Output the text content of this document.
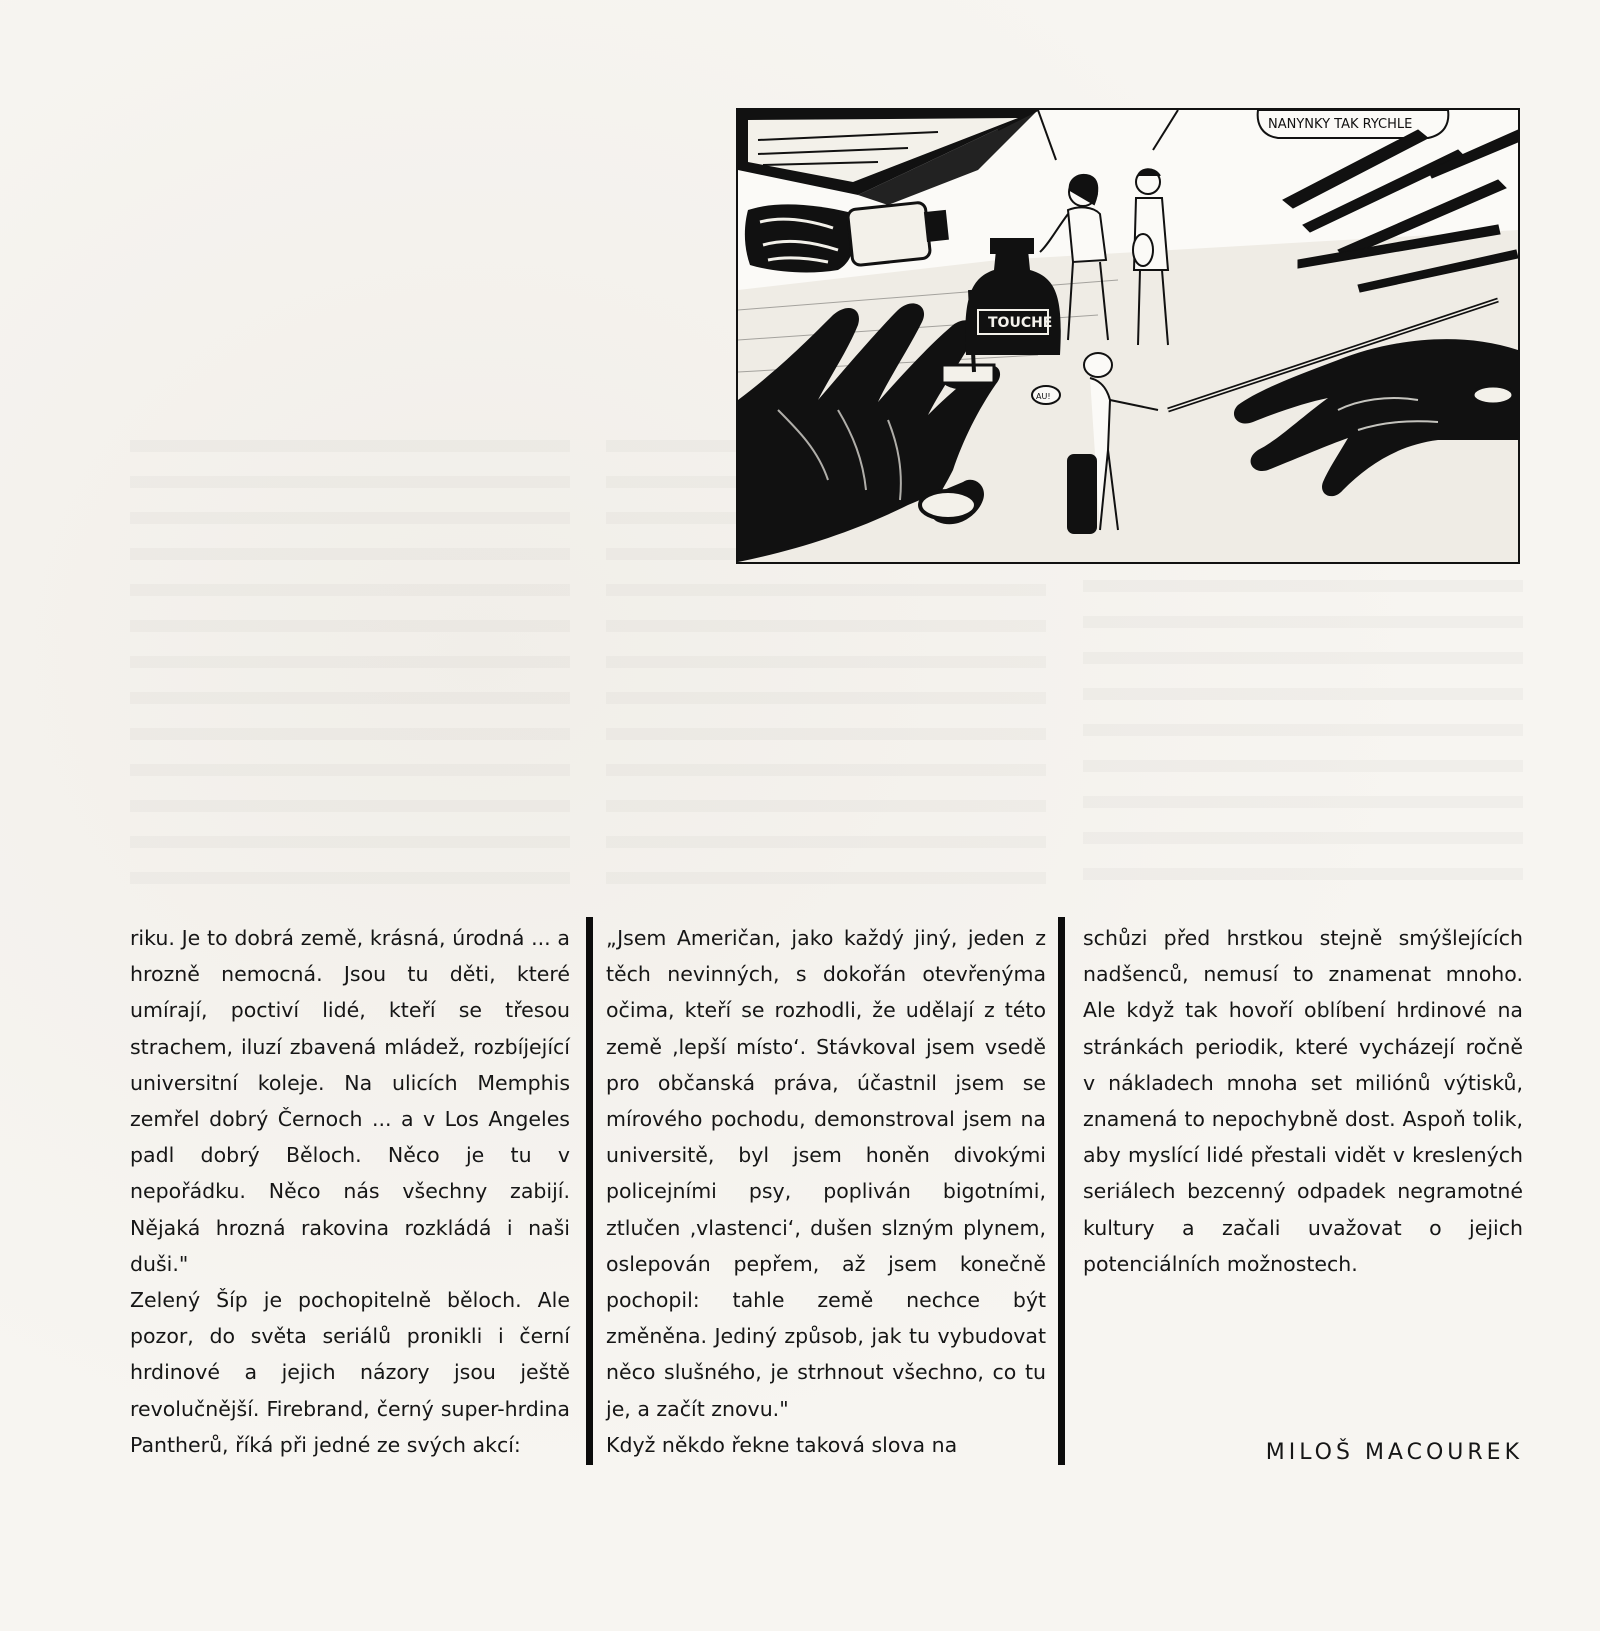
TOUCHE
NANYNKY TAK RYCHLE
AU!

riku. Je to dobrá země, krásná, úrodná ... a hrozně nemocná. Jsou tu děti, které umírají, poctiví lidé, kteří se třesou strachem, iluzí zbavená mládež, rozbíjející universitní koleje. Na ulicích Memphis zemřel dobrý Černoch ... a v Los Angeles padl dobrý Běloch. Něco je tu v nepořádku. Něco nás všechny zabijí. Nějaká hrozná rakovina rozkládá i naši duši."

Zelený Šíp je pochopitelně běloch. Ale pozor, do světa seriálů pronikli i černí hrdinové a jejich názory jsou ještě revolučnější. Firebrand, černý super-hrdina Pantherů, říká při jedné ze svých akcí:

„Jsem Američan, jako každý jiný, jeden z těch nevinných, s dokořán otevřenýma očima, kteří se rozhodli, že udělají z této země ‚lepší místo‘. Stávkoval jsem vsedě pro občanská práva, účastnil jsem se mírového pochodu, demonstroval jsem na universitě, byl jsem honěn divokými policejními psy, popliván bigotními, ztlučen ‚vlastenci‘, dušen slzným plynem, oslepován pepřem, až jsem konečně pochopil: tahle země nechce být změněna. Jediný způsob, jak tu vybudovat něco slušného, je strhnout všechno, co tu je, a začít znovu."

Když někdo řekne taková slova na

schůzi před hrstkou stejně smýšlejících nadšenců, nemusí to znamenat mnoho. Ale když tak hovoří oblíbení hrdinové na stránkách periodik, které vycházejí ročně v nákladech mnoha set miliónů výtisků, znamená to nepochybně dost. Aspoň tolik, aby myslící lidé přestali vidět v kreslených seriálech bezcenný odpadek negramotné kultury a začali uvažovat o jejich potenciálních možnostech.

MILOŠ MACOUREK
